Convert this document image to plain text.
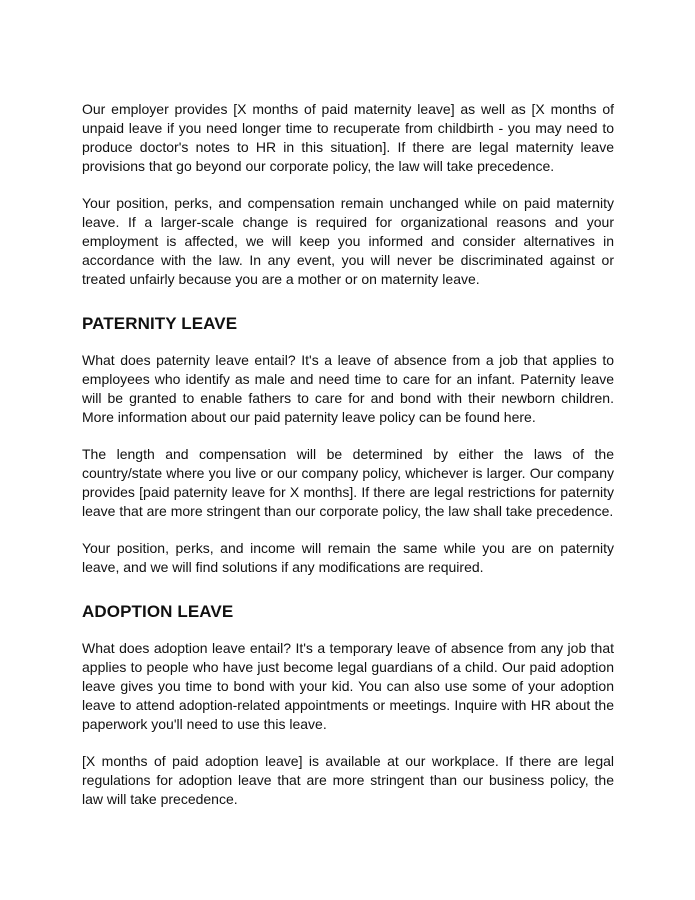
Our employer provides [X months of paid maternity leave] as well as [X months of unpaid leave if you need longer time to recuperate from childbirth - you may need to produce doctor's notes to HR in this situation]. If there are legal maternity leave provisions that go beyond our corporate policy, the law will take precedence.

Your position, perks, and compensation remain unchanged while on paid maternity leave. If a larger-scale change is required for organizational reasons and your employment is affected, we will keep you informed and consider alternatives in accordance with the law. In any event, you will never be discriminated against or treated unfairly because you are a mother or on maternity leave.

PATERNITY LEAVE

What does paternity leave entail? It's a leave of absence from a job that applies to employees who identify as male and need time to care for an infant. Paternity leave will be granted to enable fathers to care for and bond with their newborn children. More information about our paid paternity leave policy can be found here.

The length and compensation will be determined by either the laws of the country/state where you live or our company policy, whichever is larger. Our company provides [paid paternity leave for X months]. If there are legal restrictions for paternity leave that are more stringent than our corporate policy, the law shall take precedence.

Your position, perks, and income will remain the same while you are on paternity leave, and we will find solutions if any modifications are required.

ADOPTION LEAVE

What does adoption leave entail? It's a temporary leave of absence from any job that applies to people who have just become legal guardians of a child. Our paid adoption leave gives you time to bond with your kid. You can also use some of your adoption leave to attend adoption-related appointments or meetings. Inquire with HR about the paperwork you'll need to use this leave.

[X months of paid adoption leave] is available at our workplace. If there are legal regulations for adoption leave that are more stringent than our business policy, the law will take precedence.
